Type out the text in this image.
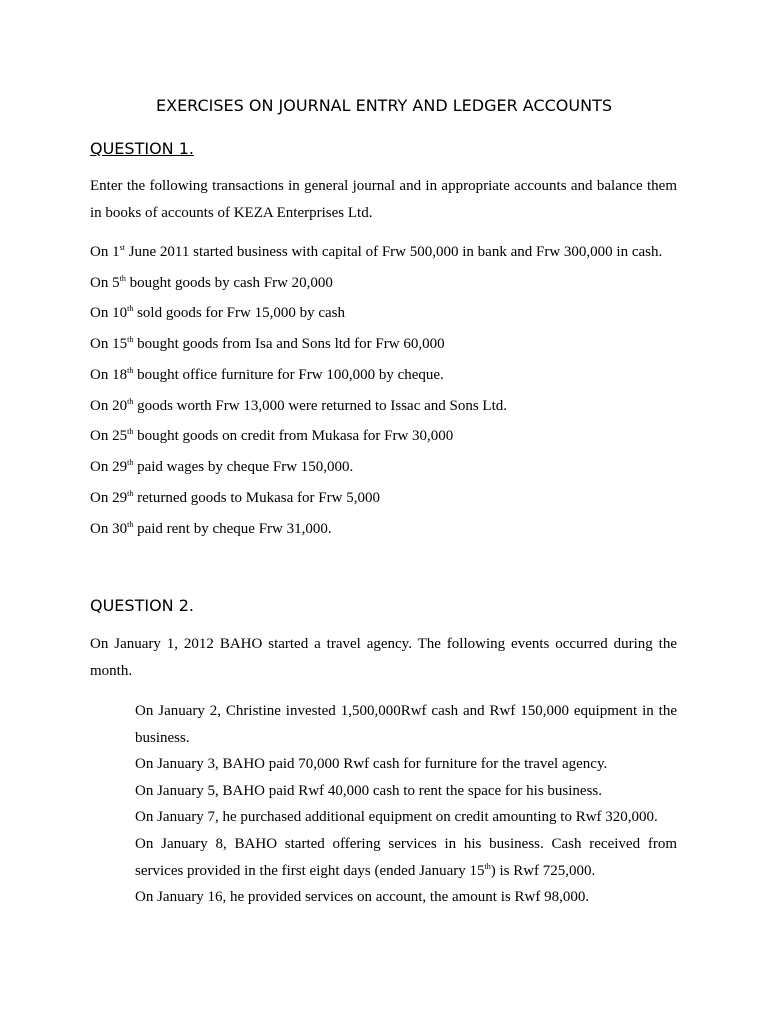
EXERCISES ON JOURNAL ENTRY AND LEDGER ACCOUNTS
QUESTION 1.

Enter the following transactions in general journal and in appropriate accounts and balance them in books of accounts of KEZA Enterprises Ltd.

On 1st June 2011 started business with capital of Frw 500,000 in bank and Frw 300,000 in cash.
On 5th bought goods by cash Frw 20,000
On 10th sold goods for Frw 15,000 by cash
On 15th bought goods from Isa and Sons ltd for Frw 60,000
On 18th bought office furniture for Frw 100,000 by cheque.
On 20th goods worth Frw 13,000 were returned to Issac and Sons Ltd.
On 25th bought goods on credit from Mukasa for Frw 30,000
On 29th paid wages by cheque Frw 150,000.
On 29th returned goods to Mukasa for Frw 5,000
On 30th paid rent by cheque Frw 31,000.
QUESTION 2.

On January 1, 2012 BAHO started a travel agency. The following events occurred during the month.

On January 2, Christine invested 1,500,000Rwf cash and Rwf 150,000 equipment in the business.

On January 3, BAHO paid 70,000 Rwf cash for furniture for the travel agency.

On January 5, BAHO paid Rwf 40,000 cash to rent the space for his business.

On January 7, he purchased additional equipment on credit amounting to Rwf 320,000.

On January 8, BAHO started offering services in his business. Cash received from services provided in the first eight days (ended January 15th) is Rwf 725,000.

On January 16, he provided services on account, the amount is Rwf 98,000.
